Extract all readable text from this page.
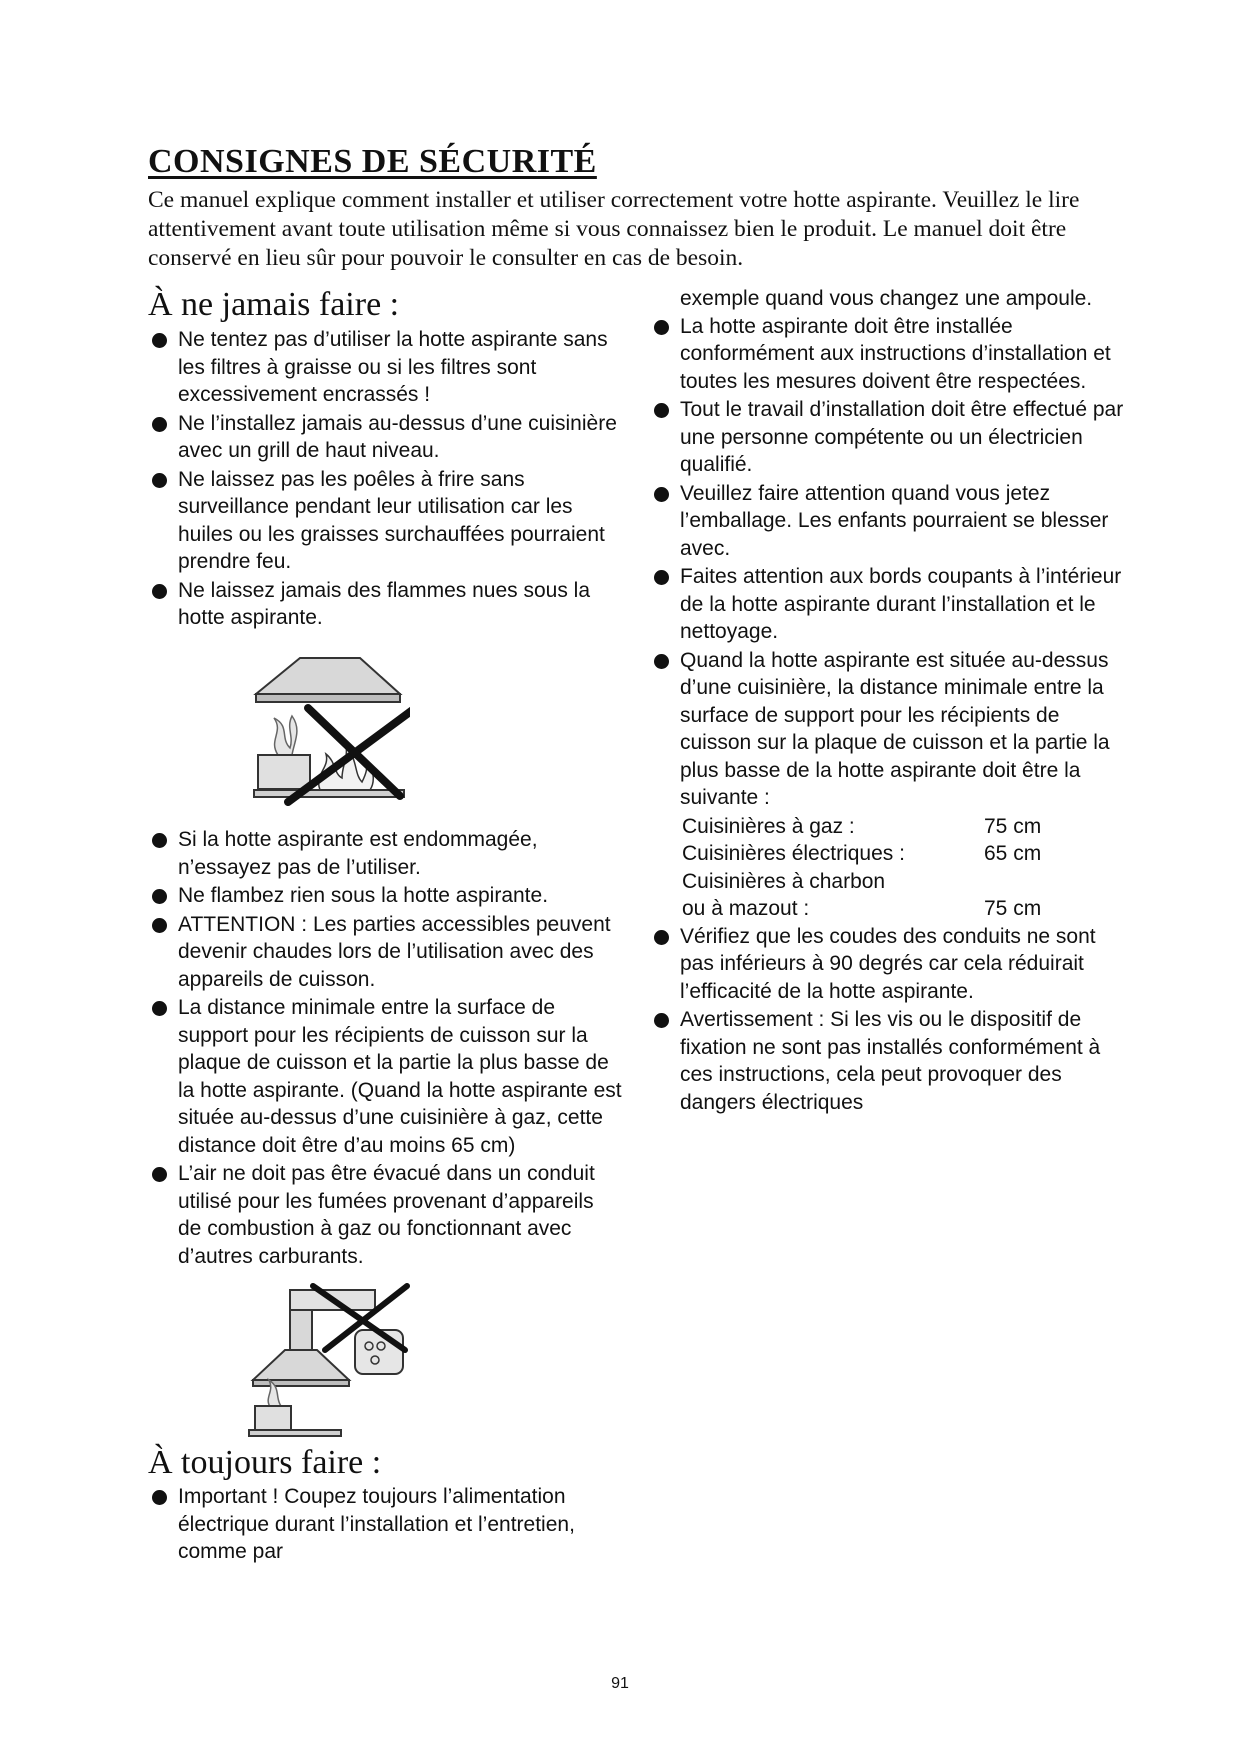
CONSIGNES DE SÉCURITÉ

Ce manuel explique comment installer et utiliser correctement votre hotte aspirante. Veuillez le lire attentivement avant toute utilisation même si vous connaissez bien le produit. Le manuel doit être conservé en lieu sûr pour pouvoir le consulter en cas de besoin.

À ne jamais faire :
Ne tentez pas d’utiliser la hotte aspirante sans les filtres à graisse ou si les filtres sont excessivement encrassés !
Ne l’installez jamais au-dessus d’une cuisinière avec un grill de haut niveau.
Ne laissez pas les poêles à frire sans surveillance pendant leur utilisation car les huiles ou les graisses surchauffées pourraient prendre feu.
Ne laissez jamais des flammes nues sous la hotte aspirante.
Si la hotte aspirante est endommagée, n’essayez pas de l’utiliser.
Ne flambez rien sous la hotte aspirante.
ATTENTION : Les parties accessibles peuvent devenir chaudes lors de l’utilisation avec des appareils de cuisson.
La distance minimale entre la surface de support pour les récipients de cuisson sur la plaque de cuisson et la partie la plus basse de la hotte aspirante. (Quand la hotte aspirante est située au-dessus d’une cuisinière à gaz, cette distance doit être d’au moins 65 cm)
L’air ne doit pas être évacué dans un conduit utilisé pour les fumées provenant d’appareils de combustion à gaz ou fonctionnant avec d’autres carburants.
À toujours faire :
Important ! Coupez toujours l’alimentation électrique durant l’installation et l’entretien, comme par
exemple quand vous changez une ampoule.
La hotte aspirante doit être installée conformément aux instructions d’installation et toutes les mesures doivent être respectées.
Tout le travail d’installation doit être effectué par une personne compétente ou un électricien qualifié.
Veuillez faire attention quand vous jetez l’emballage. Les enfants pourraient se blesser avec.
Faites attention aux bords coupants à l’intérieur de la hotte aspirante durant l’installation et le nettoyage.
Quand la hotte aspirante est située au-dessus d’une cuisinière, la distance minimale entre la surface de support pour les récipients de cuisson sur la plaque de cuisson et la partie la plus basse de la hotte aspirante doit être la suivante :
Cuisinières à gaz :	75 cm
Cuisinières électriques :	65 cm
Cuisinières à charbon
ou à mazout :	75 cm
Vérifiez que les coudes des conduits ne sont pas inférieurs à 90 degrés car cela réduirait l’efficacité de la hotte aspirante.
Avertissement : Si les vis ou le dispositif de fixation ne sont pas installés conformément à ces instructions, cela peut provoquer des dangers électriques
91
